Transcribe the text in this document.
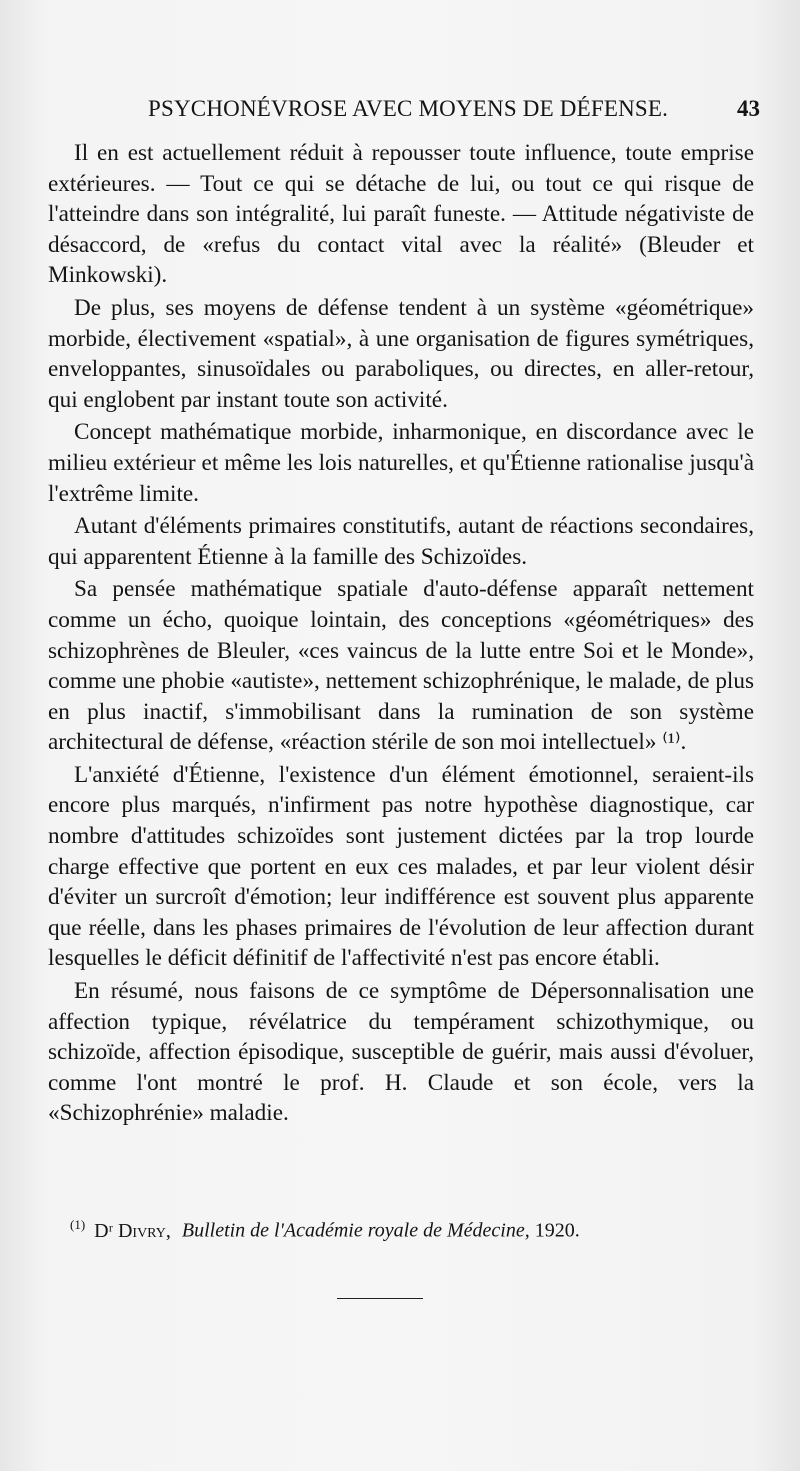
PSYCHONÉVROSE AVEC MOYENS DE DÉFENSE.	43

Il en est actuellement réduit à repousser toute influence, toute emprise extérieures. — Tout ce qui se détache de lui, ou tout ce qui risque de l'atteindre dans son intégralité, lui paraît funeste. — Attitude négativiste de désaccord, de «refus du contact vital avec la réalité» (Bleuder et Minkowski).

De plus, ses moyens de défense tendent à un système «géométrique» morbide, électivement «spatial», à une organisation de figures symétriques, enveloppantes, sinusoïdales ou paraboliques, ou directes, en aller-retour, qui englobent par instant toute son activité.

Concept mathématique morbide, inharmonique, en discordance avec le milieu extérieur et même les lois naturelles, et qu'Étienne rationalise jusqu'à l'extrême limite.

Autant d'éléments primaires constitutifs, autant de réactions secondaires, qui apparentent Étienne à la famille des Schizoïdes.

Sa pensée mathématique spatiale d'auto-défense apparaît nettement comme un écho, quoique lointain, des conceptions «géométriques» des schizophrènes de Bleuler, «ces vaincus de la lutte entre Soi et le Monde», comme une phobie «autiste», nettement schizophrénique, le malade, de plus en plus inactif, s'immobilisant dans la rumination de son système architectural de défense, «réaction stérile de son moi intellectuel» ⁽¹⁾.

L'anxiété d'Étienne, l'existence d'un élément émotionnel, seraient-ils encore plus marqués, n'infirment pas notre hypothèse diagnostique, car nombre d'attitudes schizoïdes sont justement dictées par la trop lourde charge effective que portent en eux ces malades, et par leur violent désir d'éviter un surcroît d'émotion; leur indifférence est souvent plus apparente que réelle, dans les phases primaires de l'évolution de leur affection durant lesquelles le déficit définitif de l'affectivité n'est pas encore établi.

En résumé, nous faisons de ce symptôme de Dépersonnalisation une affection typique, révélatrice du tempérament schizothymique, ou schizoïde, affection épisodique, susceptible de guérir, mais aussi d'évoluer, comme l'ont montré le prof. H. Claude et son école, vers la «Schizophrénie» maladie.

$^{(1)}$ Dʳ Divry, Bulletin de l'Académie royale de Médecine, 1920.
